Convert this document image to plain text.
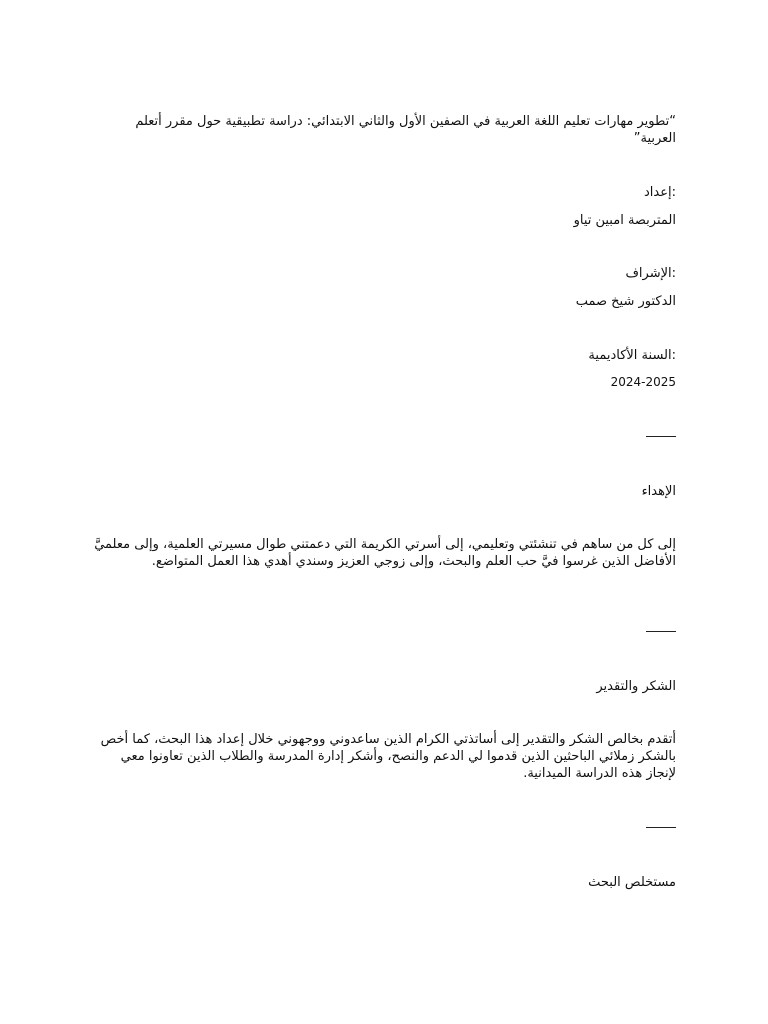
“تطوير مهارات تعليم اللغة العربية في الصفين الأول والثاني الابتدائي: دراسة تطبيقية حول مقرر أتعلم العربية”
:إعداد
المتربصة امبين تياو
:الإشراف
الدكتور شيخ صمب
:السنة الأكاديمية
2024-2025
الإهداء
إلى كل من ساهم في تنشئتي وتعليمي، إلى أسرتي الكريمة التي دعمتني طوال مسيرتي العلمية، وإلى معلميَّ الأفاضل الذين غرسوا فيَّ حب العلم والبحث، وإلى زوجي العزيز وسندي أهدي هذا العمل المتواضع.
الشكر والتقدير
أتقدم بخالص الشكر والتقدير إلى أساتذتي الكرام الذين ساعدوني ووجهوني خلال إعداد هذا البحث، كما أخص بالشكر زملائي الباحثين الذين قدموا لي الدعم والنصح، وأشكر إدارة المدرسة والطلاب الذين تعاونوا معي لإنجاز هذه الدراسة الميدانية.
مستخلص البحث
